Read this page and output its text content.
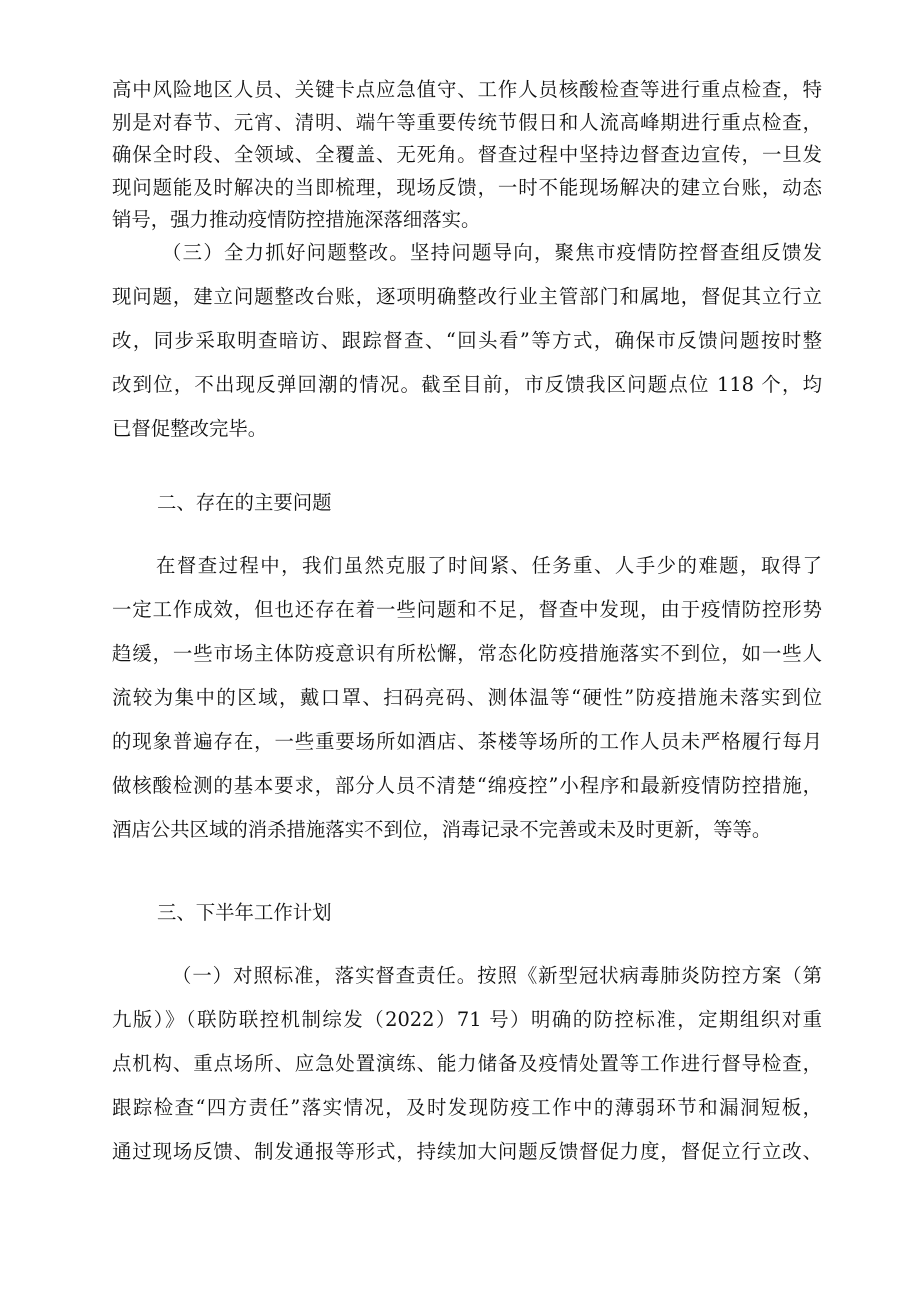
高中风险地区人员、关键卡点应急值守、工作人员核酸检查等进行重点检查，特
别是对春节、元宵、清明、端午等重要传统节假日和人流高峰期进行重点检查，
确保全时段、全领域、全覆盖、无死角。督查过程中坚持边督查边宣传，一旦发
现问题能及时解决的当即梳理，现场反馈，一时不能现场解决的建立台账，动态
销号，强力推动疫情防控措施深落细落实。
（三）全力抓好问题整改。坚持问题导向，聚焦市疫情防控督查组反馈发
现问题，建立问题整改台账，逐项明确整改行业主管部门和属地，督促其立行立
改，同步采取明查暗访、跟踪督查、“回头看”等方式，确保市反馈问题按时整
改到位，不出现反弹回潮的情况。截至目前，市反馈我区问题点位 118 个，均
已督促整改完毕。

二、存在的主要问题

在督查过程中，我们虽然克服了时间紧、任务重、人手少的难题，取得了
一定工作成效，但也还存在着一些问题和不足，督查中发现，由于疫情防控形势
趋缓，一些市场主体防疫意识有所松懈，常态化防疫措施落实不到位，如一些人
流较为集中的区域，戴口罩、扫码亮码、测体温等“硬性”防疫措施未落实到位
的现象普遍存在，一些重要场所如酒店、茶楼等场所的工作人员未严格履行每月
做核酸检测的基本要求，部分人员不清楚“绵疫控”小程序和最新疫情防控措施，
酒店公共区域的消杀措施落实不到位，消毒记录不完善或未及时更新，等等。

三、下半年工作计划

（一）对照标准，落实督查责任。按照《新型冠状病毒肺炎防控方案（第
九版）》（联防联控机制综发（2022）71 号）明确的防控标准，定期组织对重
点机构、重点场所、应急处置演练、能力储备及疫情处置等工作进行督导检查，
跟踪检查“四方责任”落实情况，及时发现防疫工作中的薄弱环节和漏洞短板，
通过现场反馈、制发通报等形式，持续加大问题反馈督促力度，督促立行立改、
